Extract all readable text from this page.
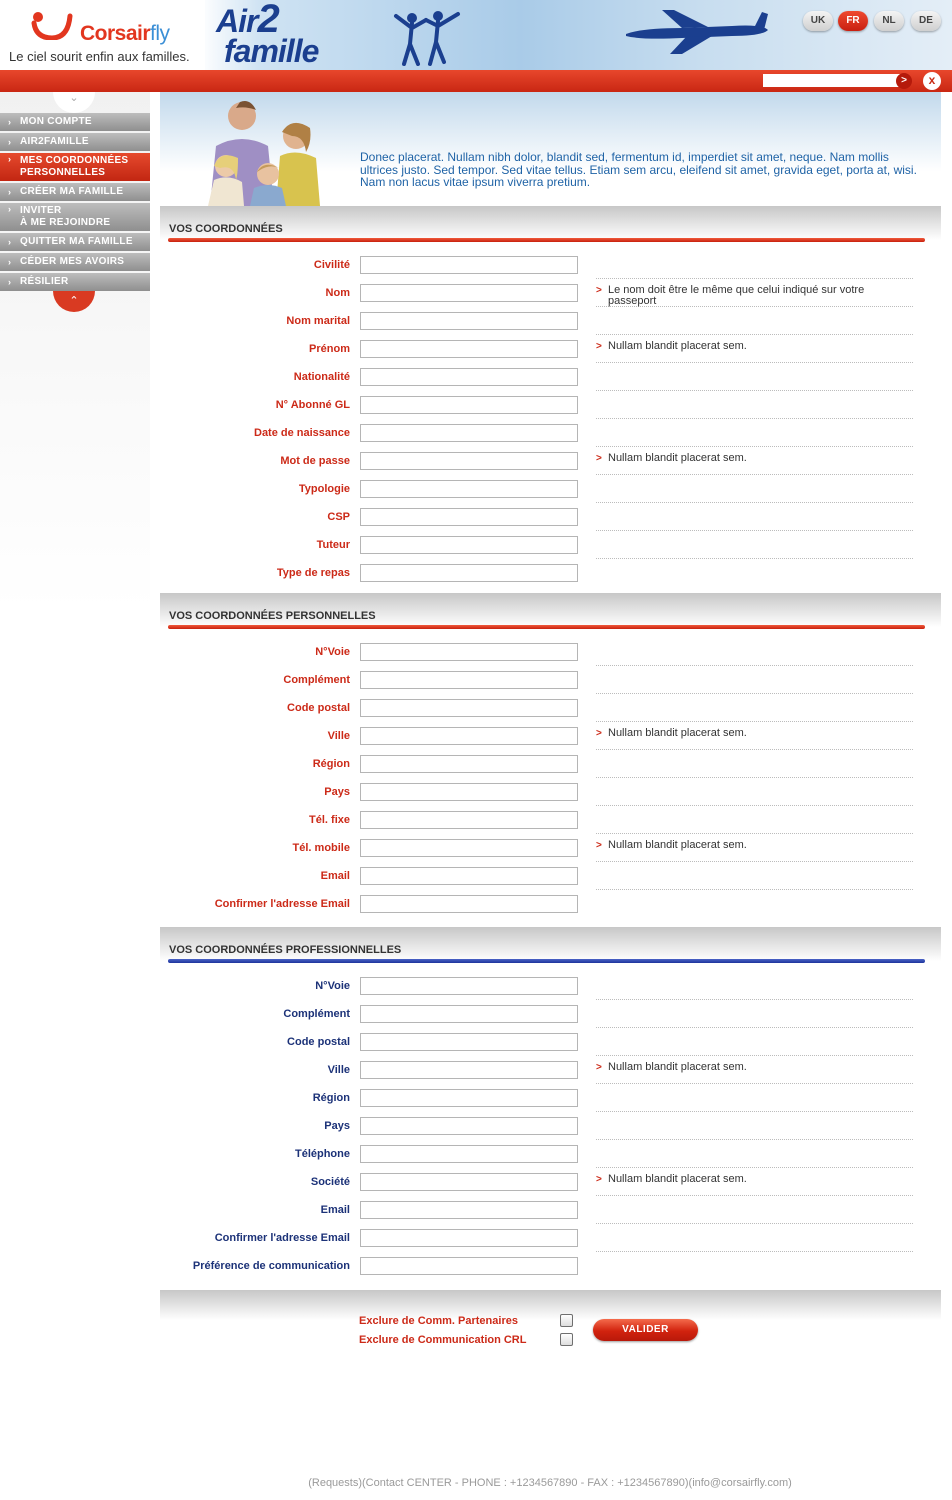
Corsairfly
Le ciel sourit enfin aux familles.
Air2
famille
UK	FR	NL	DE
>	x
⌄
› MON COMPTE
› AIR2FAMILLE
› MES COORDONNÉES
PERSONNELLES
› CRÉER MA FAMILLE
› INVITER
À ME REJOINDRE
› QUITTER MA FAMILLE
› CÉDER MES AVOIRS
› RÉSILIER
⌃
Donec placerat. Nullam nibh dolor, blandit sed, fermentum id, imperdiet sit amet, neque. Nam mollis ultrices justo. Sed tempor. Sed vitae tellus. Etiam sem arcu, eleifend sit amet, gravida eget, porta at, wisi. Nam non lacus vitae ipsum viverra pretium.
VOS COORDONNÉES
Civilité
Nom	> Le nom doit être le même que celui indiqué sur votre passeport
Nom marital
Prénom	> Nullam blandit placerat sem.
Nationalité
N° Abonné GL
Date de naissance
Mot de passe	> Nullam blandit placerat sem.
Typologie
CSP
Tuteur
Type de repas
VOS COORDONNÉES PERSONNELLES
N°Voie
Complément
Code postal
Ville	> Nullam blandit placerat sem.
Région
Pays
Tél. fixe
Tél. mobile	> Nullam blandit placerat sem.
Email
Confirmer l'adresse Email
VOS COORDONNÉES PROFESSIONNELLES
N°Voie
Complément
Code postal
Ville	> Nullam blandit placerat sem.
Région
Pays
Téléphone
Société	> Nullam blandit placerat sem.
Email
Confirmer l'adresse Email
Préférence de communication
Exclure de Comm. Partenaires
Exclure de Communication CRL
VALIDER
(Requests)(Contact CENTER - PHONE : +1234567890 - FAX : +1234567890)(info@corsairfly.com)
